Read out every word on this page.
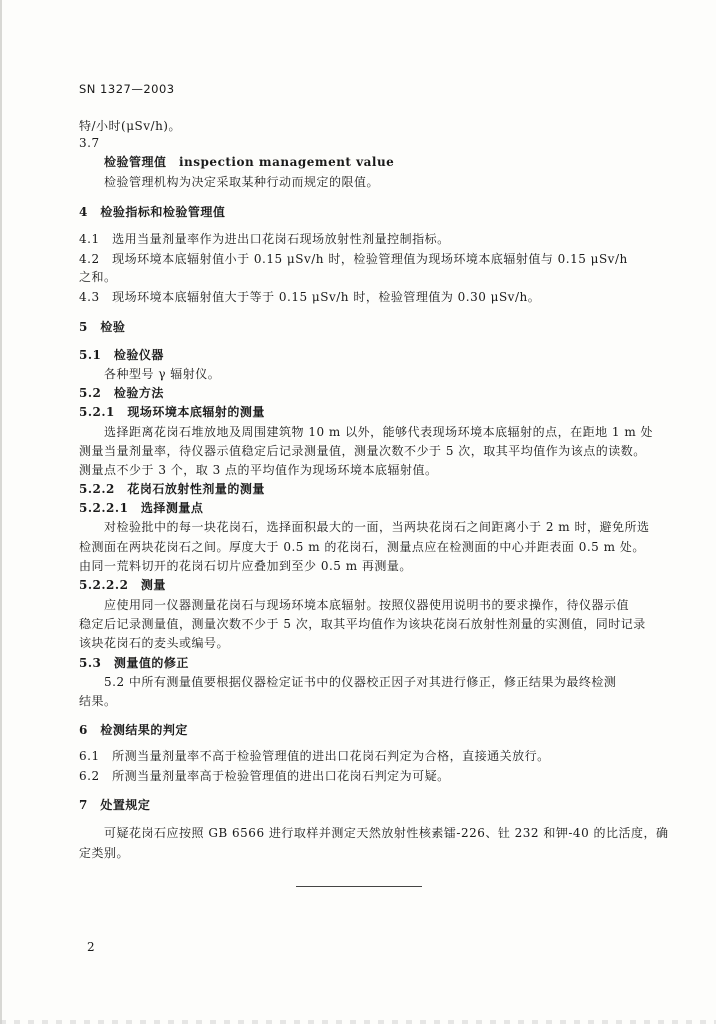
SN 1327—2003
特/小时(μSv/h)。
3.7
检验管理值　inspection management value
检验管理机构为决定采取某种行动而规定的限值。
4　检验指标和检验管理值
4.1　选用当量剂量率作为进出口花岗石现场放射性剂量控制指标。
4.2　现场环境本底辐射值小于 0.15 μSv/h 时，检验管理值为现场环境本底辐射值与 0.15 μSv/h
之和。
4.3　现场环境本底辐射值大于等于 0.15 μSv/h 时，检验管理值为 0.30 μSv/h。
5　检验
5.1　检验仪器
各种型号 γ 辐射仪。
5.2　检验方法
5.2.1　现场环境本底辐射的测量
选择距离花岗石堆放地及周围建筑物 10 m 以外，能够代表现场环境本底辐射的点，在距地 1 m 处
测量当量剂量率，待仪器示值稳定后记录测量值，测量次数不少于 5 次，取其平均值作为该点的读数。
测量点不少于 3 个，取 3 点的平均值作为现场环境本底辐射值。
5.2.2　花岗石放射性剂量的测量
5.2.2.1　选择测量点
对检验批中的每一块花岗石，选择面积最大的一面，当两块花岗石之间距离小于 2 m 时，避免所选
检测面在两块花岗石之间。厚度大于 0.5 m 的花岗石，测量点应在检测面的中心并距表面 0.5 m 处。
由同一荒料切开的花岗石切片应叠加到至少 0.5 m 再测量。
5.2.2.2　测量
应使用同一仪器测量花岗石与现场环境本底辐射。按照仪器使用说明书的要求操作，待仪器示值
稳定后记录测量值，测量次数不少于 5 次，取其平均值作为该块花岗石放射性剂量的实测值，同时记录
该块花岗石的麦头或编号。
5.3　测量值的修正
5.2 中所有测量值要根据仪器检定证书中的仪器校正因子对其进行修正，修正结果为最终检测
结果。
6　检测结果的判定
6.1　所测当量剂量率不高于检验管理值的进出口花岗石判定为合格，直接通关放行。
6.2　所测当量剂量率高于检验管理值的进出口花岗石判定为可疑。
7　处置规定
可疑花岗石应按照 GB 6566 进行取样并测定天然放射性核素镭-226、钍 232 和钾-40 的比活度，确
定类别。
2
